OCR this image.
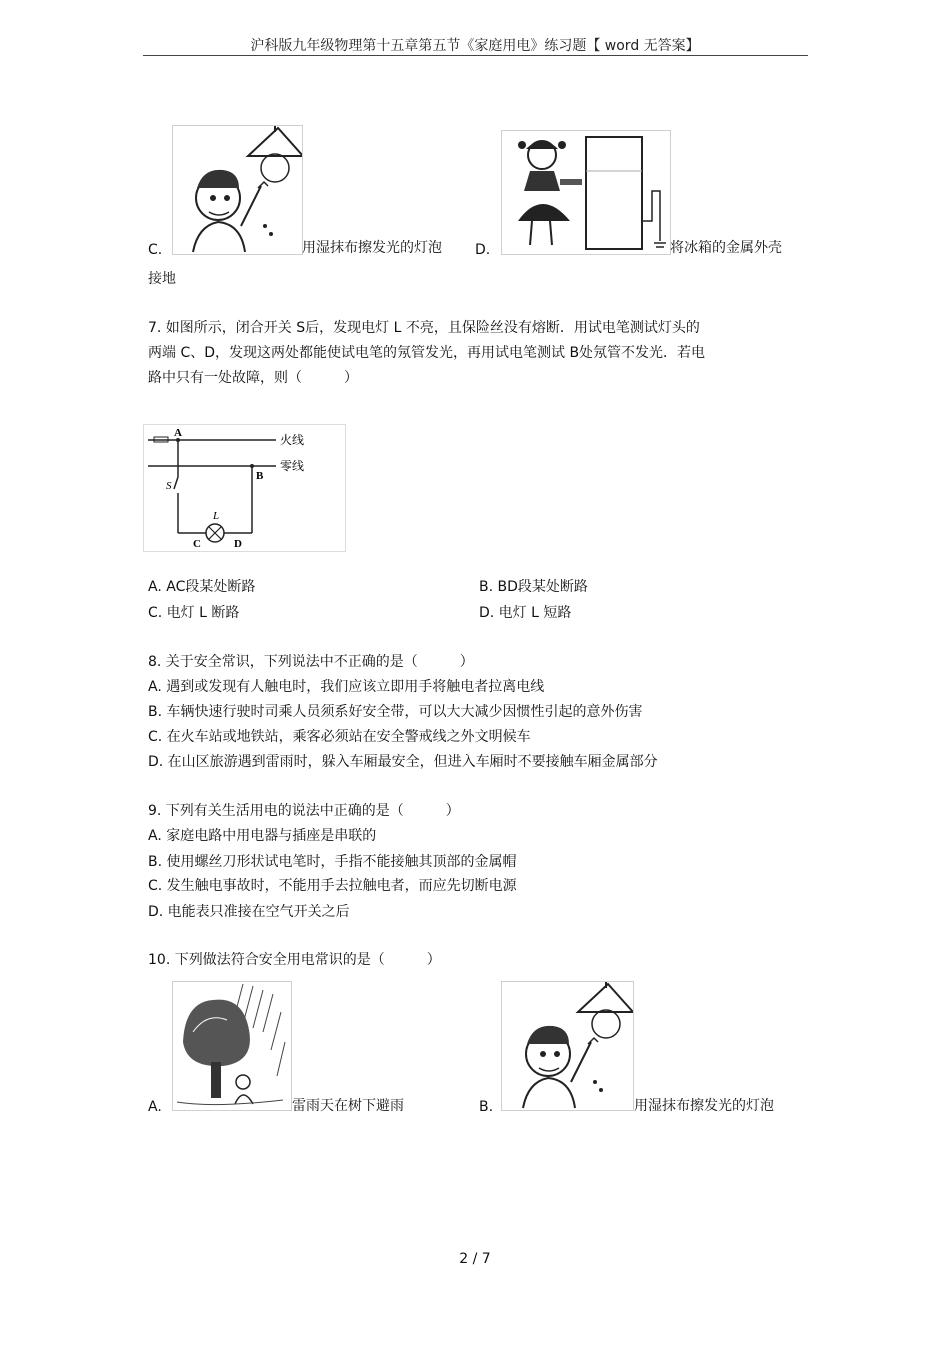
沪科版九年级物理第十五章第五节《家庭用电》练习题【 word 无答案】
C.	用湿抹布擦发光的灯泡 D.	将冰箱的金属外壳
接地
7. 如图所示，闭合开关 S后，发现电灯 L 不亮，且保险丝没有熔断．用试电笔测试灯头的
两端 C、D，发现这两处都能使试电笔的氖管发光，再用试电笔测试 B处氖管不发光．若电
路中只有一处故障，则（　　　）
A
B
S
L
C	D
火线
零线
A. AC段某处断路	B. BD段某处断路
C. 电灯 L 断路	D. 电灯 L 短路
8. 关于安全常识，下列说法中不正确的是（　　　）
A. 遇到或发现有人触电时，我们应该立即用手将触电者拉离电线
B. 车辆快速行驶时司乘人员须系好安全带，可以大大减少因惯性引起的意外伤害
C. 在火车站或地铁站，乘客必须站在安全警戒线之外文明候车
D. 在山区旅游遇到雷雨时，躲入车厢最安全，但进入车厢时不要接触车厢金属部分
9. 下列有关生活用电的说法中正确的是（　　　）
A. 家庭电路中用电器与插座是串联的
B. 使用螺丝刀形状试电笔时，手指不能接触其顶部的金属帽
C. 发生触电事故时，不能用手去拉触电者，而应先切断电源
D. 电能表只准接在空气开关之后
10. 下列做法符合安全用电常识的是（　　　）
A.	雷雨天在树下避雨	B.	用湿抹布擦发光的灯泡
2 / 7
